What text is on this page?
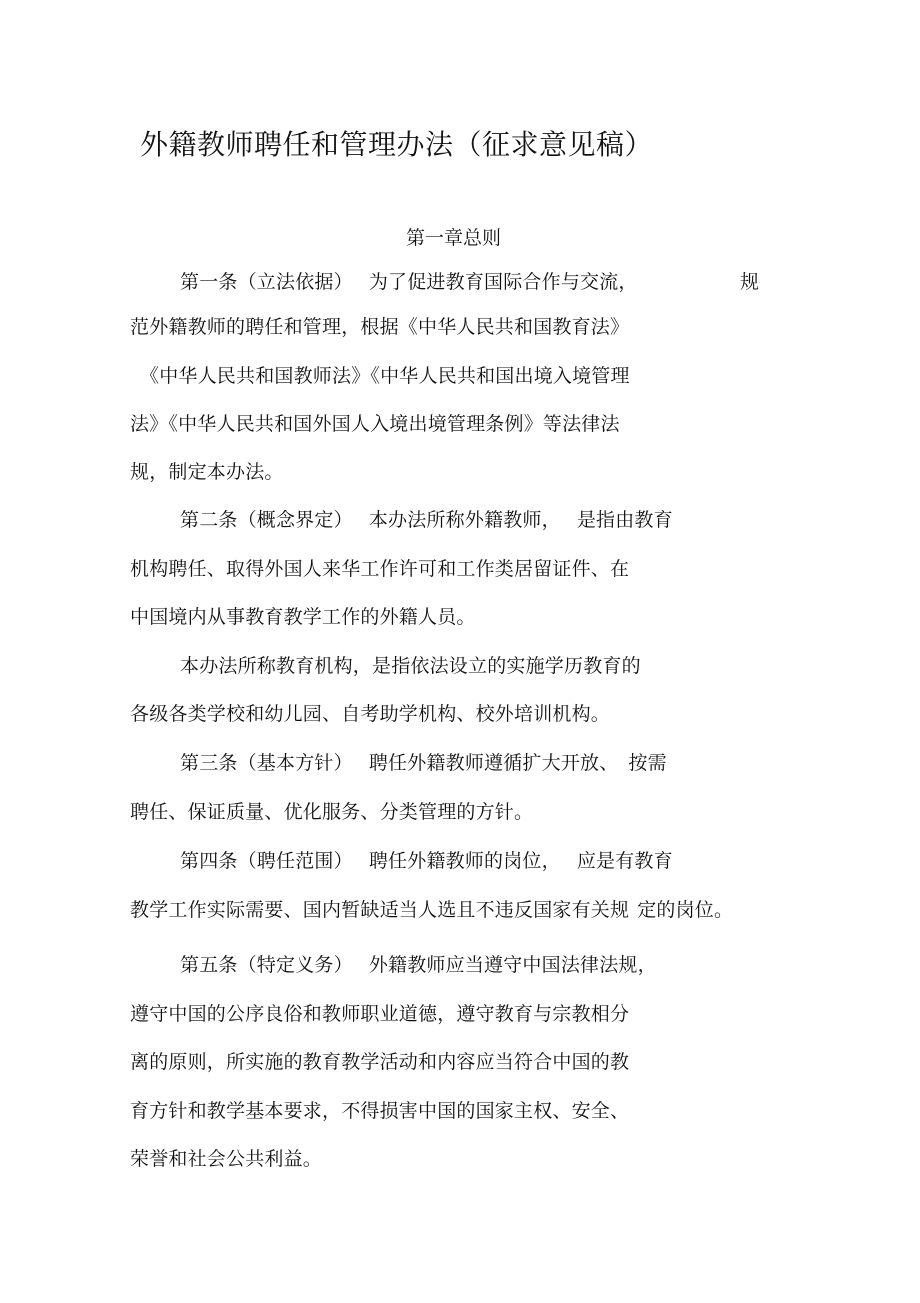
外籍教师聘任和管理办法（征求意见稿）
第一章总则
第一条（立法依据） 为了促进教育国际合作与交流，	规
范外籍教师的聘任和管理，根据《中华人民共和国教育法》
《中华人民共和国教师法》《中华人民共和国出境入境管理
法》《中华人民共和国外国人入境出境管理条例》等法律法
规，制定本办法。
第二条（概念界定） 本办法所称外籍教师， 是指由教育
机构聘任、取得外国人来华工作许可和工作类居留证件、在
中国境内从事教育教学工作的外籍人员。
本办法所称教育机构，是指依法设立的实施学历教育的
各级各类学校和幼儿园、自考助学机构、校外培训机构。
第三条（基本方针） 聘任外籍教师遵循扩大开放、 按需
聘任、保证质量、优化服务、分类管理的方针。
第四条（聘任范围） 聘任外籍教师的岗位， 应是有教育
教学工作实际需要、国内暂缺适当人选且不违反国家有关规 定的岗位。
第五条（特定义务） 外籍教师应当遵守中国法律法规，
遵守中国的公序良俗和教师职业道德，遵守教育与宗教相分
离的原则，所实施的教育教学活动和内容应当符合中国的教
育方针和教学基本要求，不得损害中国的国家主权、安全、
荣誉和社会公共利益。
